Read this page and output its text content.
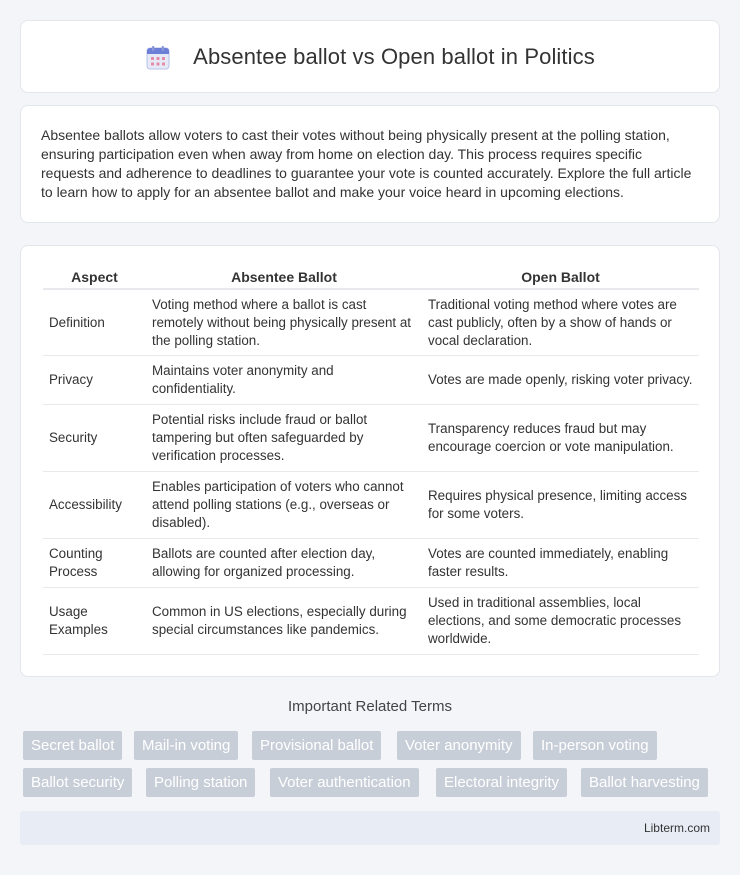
Absentee ballot vs Open ballot in Politics

Absentee ballots allow voters to cast their votes without being physically present at the polling station, ensuring participation even when away from home on election day. This process requires specific requests and adherence to deadlines to guarantee your vote is counted accurately. Explore the full article to learn how to apply for an absentee ballot and make your voice heard in upcoming elections.

Aspect	Absentee Ballot	Open Ballot
Definition	Voting method where a ballot is cast remotely without being physically present at the polling station.	Traditional voting method where votes are cast publicly, often by a show of hands or vocal declaration.
Privacy	Maintains voter anonymity and confidentiality.	Votes are made openly, risking voter privacy.
Security	Potential risks include fraud or ballot tampering but often safeguarded by verification processes.	Transparency reduces fraud but may encourage coercion or vote manipulation.
Accessibility	Enables participation of voters who cannot attend polling stations (e.g., overseas or disabled).	Requires physical presence, limiting access for some voters.
Counting Process	Ballots are counted after election day, allowing for organized processing.	Votes are counted immediately, enabling faster results.
Usage Examples	Common in US elections, especially during special circumstances like pandemics.	Used in traditional assemblies, local elections, and some democratic processes worldwide.
Important Related Terms
Secret ballot	Mail-in voting	Provisional ballot	Voter anonymity	In-person voting
Ballot security	Polling station	Voter authentication	Electoral integrity	Ballot harvesting
Libterm.com
